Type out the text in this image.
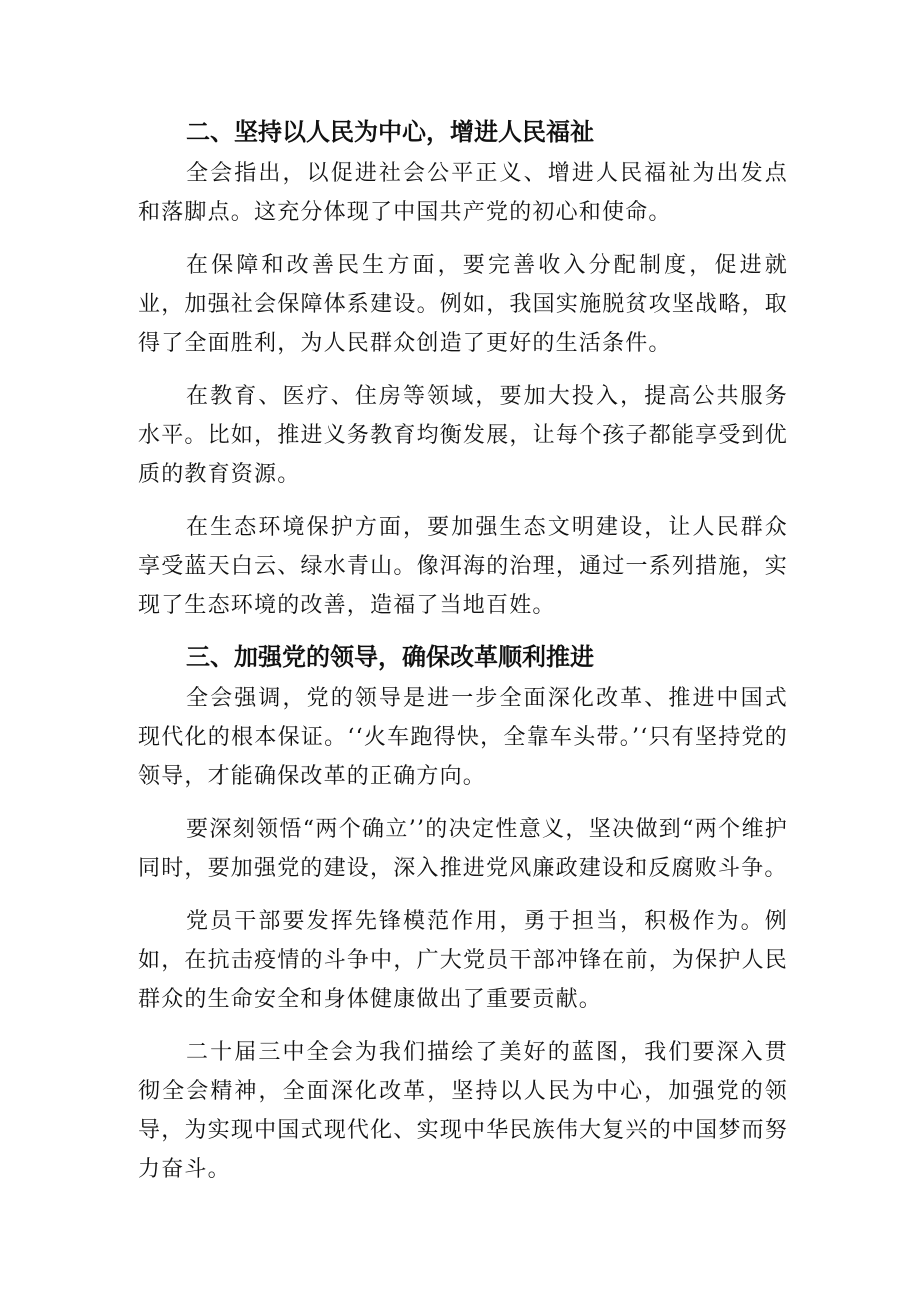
二、坚持以人民为中心，增进人民福祉

全会指出，以促进社会公平正义、增进人民福祉为出发点和落脚点。这充分体现了中国共产党的初心和使命。

在保障和改善民生方面，要完善收入分配制度，促进就业，加强社会保障体系建设。例如，我国实施脱贫攻坚战略，取得了全面胜利，为人民群众创造了更好的生活条件。

在教育、医疗、住房等领域，要加大投入，提高公共服务水平。比如，推进义务教育均衡发展，让每个孩子都能享受到优质的教育资源。

在生态环境保护方面，要加强生态文明建设，让人民群众享受蓝天白云、绿水青山。像洱海的治理，通过一系列措施，实现了生态环境的改善，造福了当地百姓。

三、加强党的领导，确保改革顺利推进

全会强调，党的领导是进一步全面深化改革、推进中国式现代化的根本保证。‘‘火车跑得快，全靠车头带。’‘只有坚持党的领导，才能确保改革的正确方向。

要深刻领悟“两个确立’’的决定性意义，坚决做到“两个维护同时，要加强党的建设，深入推进党风廉政建设和反腐败斗争。

党员干部要发挥先锋模范作用，勇于担当，积极作为。例如，在抗击疫情的斗争中，广大党员干部冲锋在前，为保护人民群众的生命安全和身体健康做出了重要贡献。

二十届三中全会为我们描绘了美好的蓝图，我们要深入贯彻全会精神，全面深化改革，坚持以人民为中心，加强党的领导，为实现中国式现代化、实现中华民族伟大复兴的中国梦而努力奋斗。
